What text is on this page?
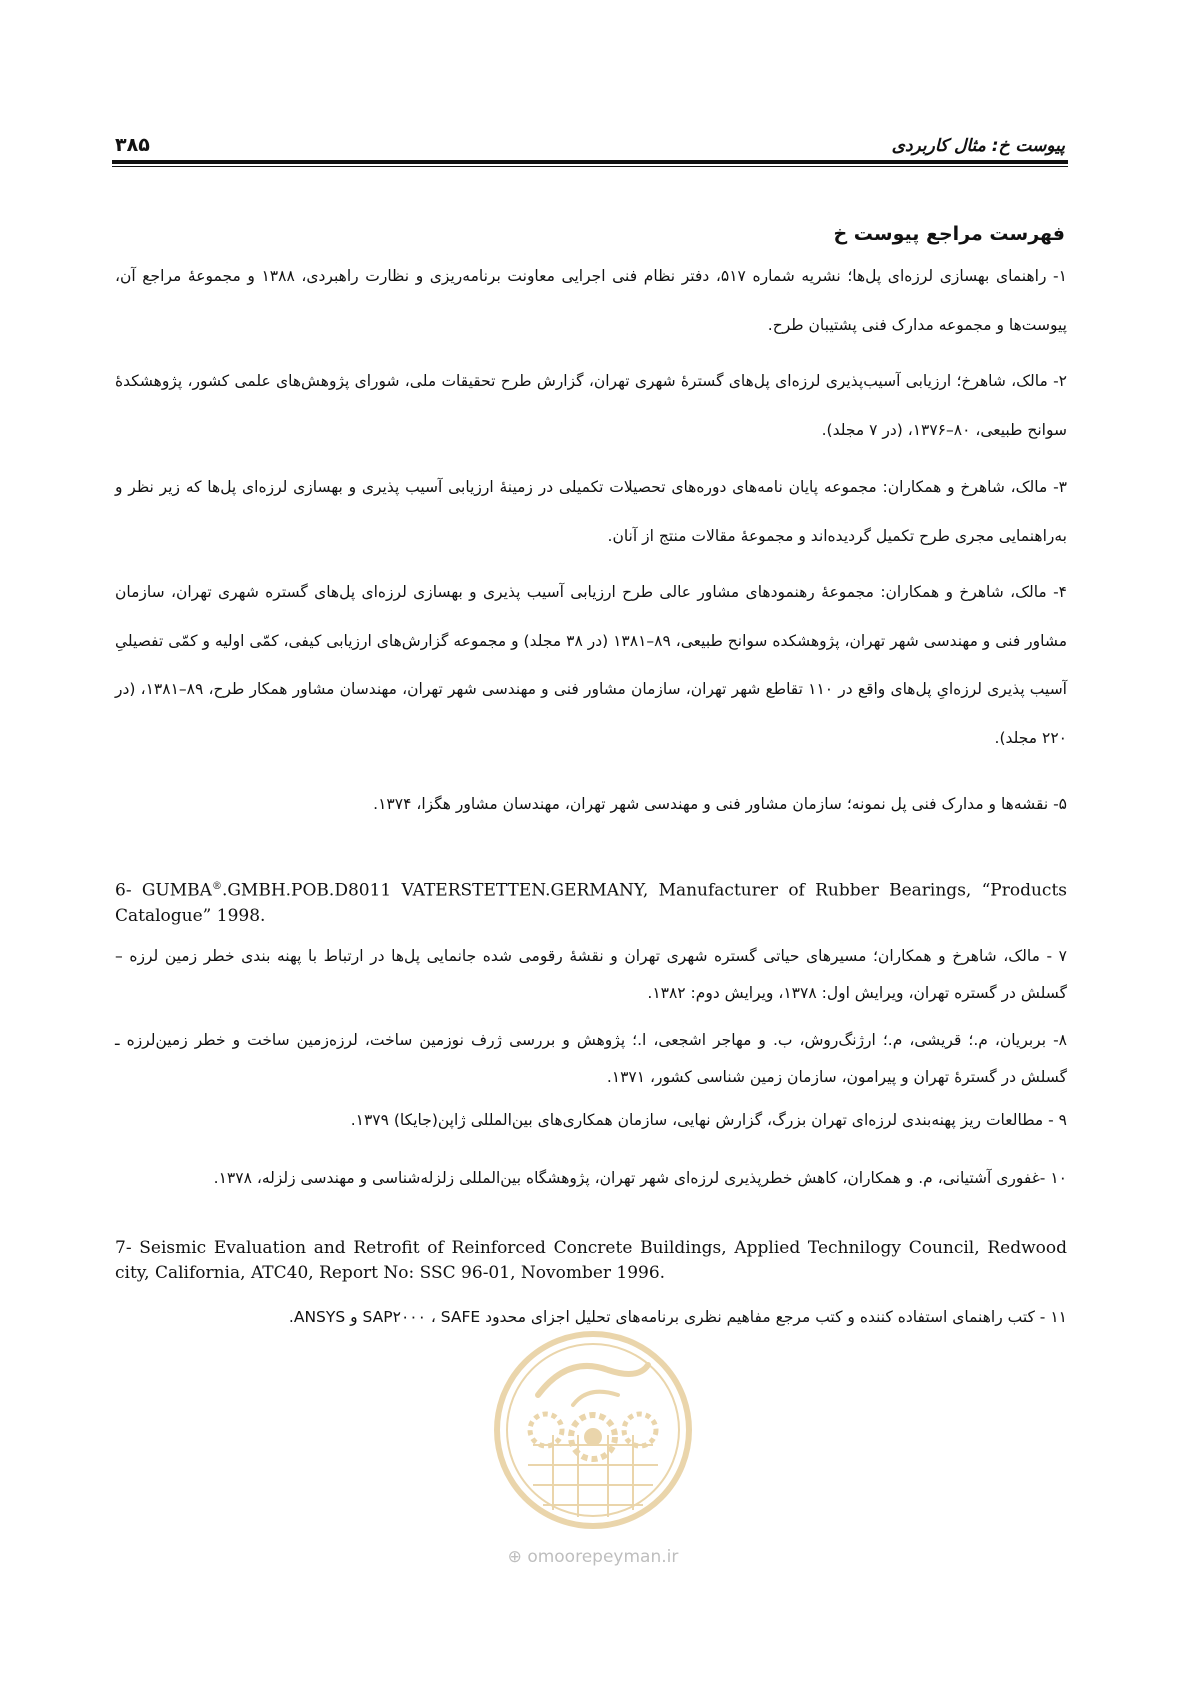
۳۸۵	پیوست خ: مثال کاربردی
فهرست مراجع پیوست خ

۱- راهنمای بهسازی لرزه‌ای پل‌ها؛ نشریه شماره ۵۱۷، دفتر نظام فنی اجرایی معاونت برنامه‌ریزی و نظارت راهبردی، ۱۳۸۸ و مجموعهٔ مراجع آن، پیوست‌ها و مجموعه مدارک فنی پشتیبان طرح.

۲- مالک، شاهرخ؛ ارزیابی آسیب‌پذیری لرزه‌ای پل‌های گسترهٔ شهری تهران، گزارش طرح تحقیقات ملی، شورای پژوهش‌های علمی کشور، پژوهشکدهٔ سوانح طبیعی، ۸۰–۱۳۷۶، (در ۷ مجلد).

۳- مالک، شاهرخ و همکاران: مجموعه پایان نامه‌های دوره‌های تحصیلات تکمیلی در زمینهٔ ارزیابی آسیب پذیری و بهسازی لرزه‌ای پل‌ها که زیر نظر و به‌راهنمایی مجری طرح تکمیل گردیده‌اند و مجموعهٔ مقالات منتج از آنان.

۴- مالک، شاهرخ و همکاران: مجموعهٔ رهنمودهای مشاور عالی طرح ارزیابی آسیب پذیری و بهسازی لرزه‌ای پل‌های گستره شهری تهران، سازمان مشاور فنی و مهندسی شهر تهران، پژوهشکده سوانح طبیعی، ۸۹–۱۳۸۱ (در ۳۸ مجلد) و مجموعه گزارش‌های ارزیابی کیفی، کمّی اولیه و کمّی تفصیلیِ آسیب پذیری لرزه‌ایِ پل‌های واقع در ۱۱۰ تقاطع شهر تهران، سازمان مشاور فنی و مهندسی شهر تهران، مهندسان مشاور همکار طرح، ۸۹–۱۳۸۱، (در ۲۲۰ مجلد).

۵- نقشه‌ها و مدارک فنی پل نمونه؛ سازمان مشاور فنی و مهندسی شهر تهران، مهندسان مشاور هگزا، ۱۳۷۴.

6- GUMBA®.GMBH.POB.D8011 VATERSTETTEN.GERMANY, Manufacturer of Rubber Bearings, “Products Catalogue” 1998.

۷ - مالک، شاهرخ و همکاران؛ مسیرهای حیاتی گستره شهری تهران و نقشهٔ رقومی شده جانمایی پل‌ها در ارتباط با پهنه بندی خطر زمین لرزه – گسلش در گستره تهران، ویرایش اول: ۱۳۷۸، ویرایش دوم: ۱۳۸۲.

۸- بربریان، م.؛ قریشی، م.؛ ارژنگ‌روش، ب. و مهاجر اشجعی، ا.؛ پژوهش و بررسی ژرف نوزمین ساخت، لرزه‌زمین ساخت و خطر زمین‌لرزه ـ گسلش در گسترهٔ تهران و پیرامون، سازمان زمین شناسی کشور، ۱۳۷۱.

۹ - مطالعات ریز پهنه‌بندی لرزه‌ای تهران بزرگ، گزارش نهایی، سازمان همکاری‌های بین‌المللی ژاپن(جایکا) ۱۳۷۹.

۱۰ -غفوری آشتیانی، م. و همکاران، کاهش خطرپذیری لرزه‌ای شهر تهران، پژوهشگاه بین‌المللی زلزله‌شناسی و مهندسی زلزله، ۱۳۷۸.

7- Seismic Evaluation and Retrofit of Reinforced Concrete Buildings, Applied Technilogy Council, Redwood city, California, ATC40, Report No: SSC 96-01, Novomber 1996.

۱۱ - کتب راهنمای استفاده کننده و کتب مرجع مفاهیم نظری برنامه‌های تحلیل اجزای محدود SAP۲۰۰۰ ، SAFE و ANSYS.

⊕ omoorepeyman.ir
